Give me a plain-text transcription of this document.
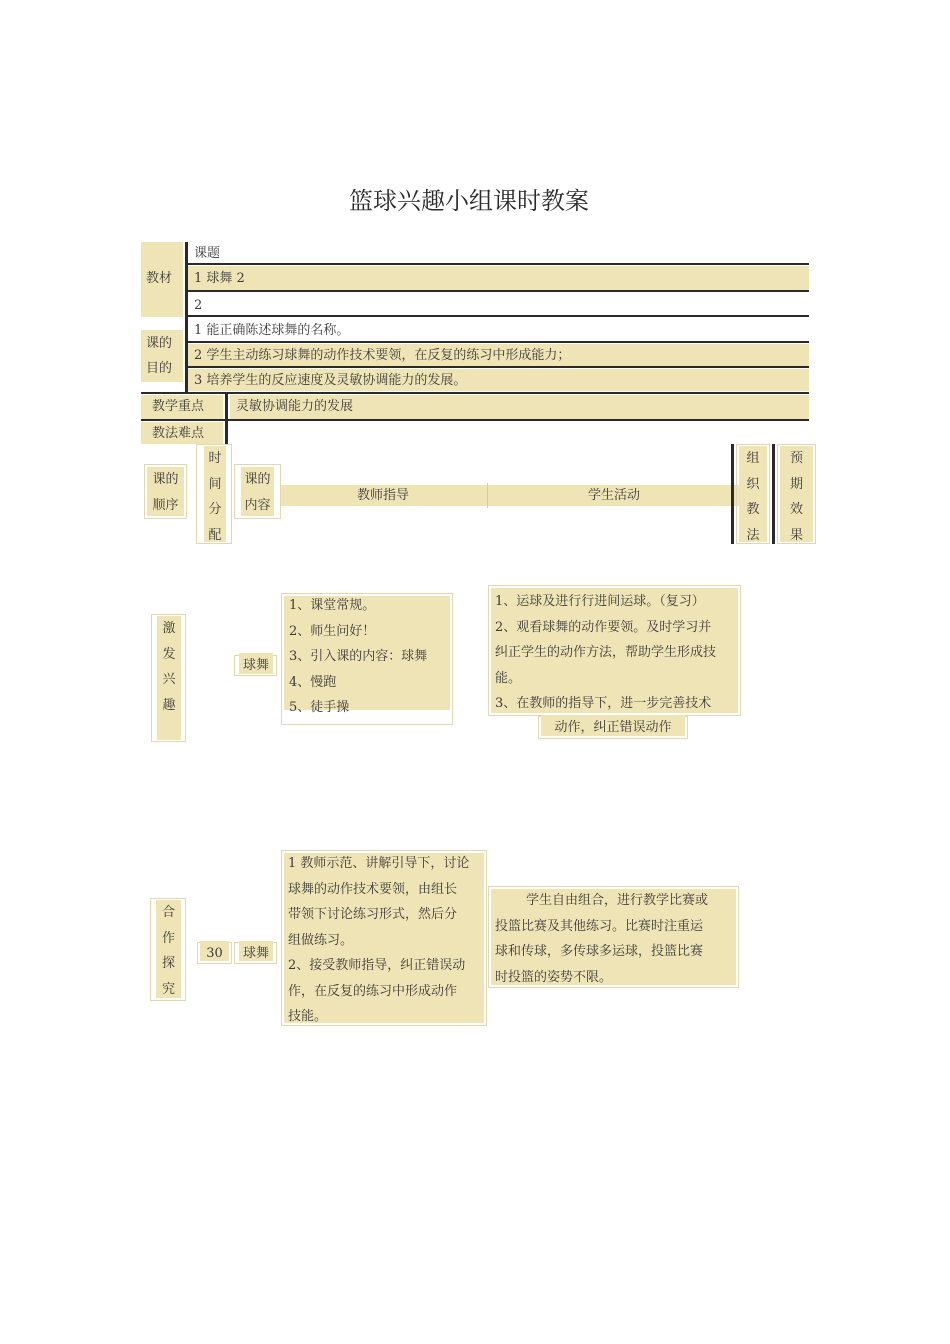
篮球兴趣小组课时教案
教材
课题
1 球舞 2
2
课的
目的
1 能正确陈述球舞的名称。
2 学生主动练习球舞的动作技术要领，在反复的练习中形成能力；
3 培养学生的反应速度及灵敏协调能力的发展。
教学重点 灵敏协调能力的发展
教法难点
课的
顺序
时
间
分
配
课的
内容
教师指导	学生活动
组
织
教
法
预
期
效
果
激
发
兴
趣
球舞

1、课堂常规。

2、师生问好！

3、引入课的内容：球舞

4、慢跑

5、徒手操

1、运球及进行行进间运球。（复习）

2、观看球舞的动作要领。及时学习并

纠正学生的动作方法，帮助学生形成技

能。

3、在教师的指导下，进一步完善技术

动作，纠正错误动作
合
作
探
究
30	球舞

1 教师示范、讲解引导下，讨论

球舞的动作技术要领，由组长

带领下讨论练习形式，然后分

组做练习。

2、接受教师指导，纠正错误动

作，在反复的练习中形成动作

技能。

学生自由组合，进行教学比赛或

投篮比赛及其他练习。比赛时注重运

球和传球，多传球多运球，投篮比赛

时投篮的姿势不限。
